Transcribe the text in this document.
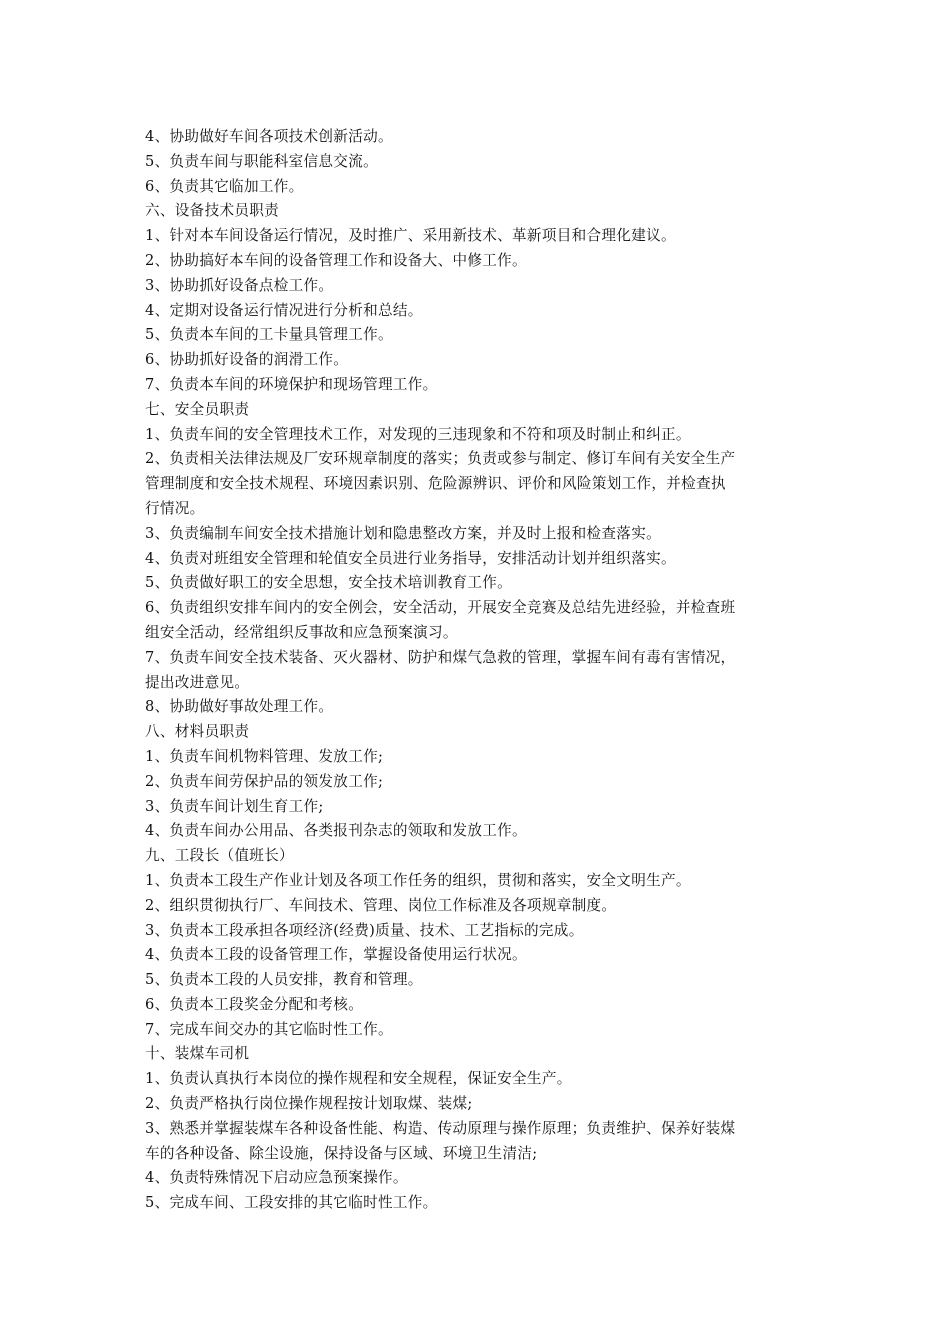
4、协助做好车间各项技术创新活动。
5、负责车间与职能科室信息交流。
6、负责其它临加工作。
六、设备技术员职责
1、针对本车间设备运行情况，及时推广、采用新技术、革新项目和合理化建议。
2、协助搞好本车间的设备管理工作和设备大、中修工作。
3、协助抓好设备点检工作。
4、定期对设备运行情况进行分析和总结。
5、负责本车间的工卡量具管理工作。
6、协助抓好设备的润滑工作。
7、负责本车间的环境保护和现场管理工作。
七、安全员职责
1、负责车间的安全管理技术工作，对发现的三违现象和不符和项及时制止和纠正。
2、负责相关法律法规及厂安环规章制度的落实；负责或参与制定、修订车间有关安全生产
管理制度和安全技术规程、环境因素识别、危险源辨识、评价和风险策划工作，并检查执
行情况。
3、负责编制车间安全技术措施计划和隐患整改方案，并及时上报和检查落实。
4、负责对班组安全管理和轮值安全员进行业务指导，安排活动计划并组织落实。
5、负责做好职工的安全思想，安全技术培训教育工作。
6、负责组织安排车间内的安全例会，安全活动，开展安全竞赛及总结先进经验，并检查班
组安全活动，经常组织反事故和应急预案演习。
7、负责车间安全技术装备、灭火器材、防护和煤气急救的管理，掌握车间有毒有害情况，
提出改进意见。
8、协助做好事故处理工作。
八、材料员职责
1、负责车间机物料管理、发放工作;
2、负责车间劳保护品的领发放工作;
3、负责车间计划生育工作;
4、负责车间办公用品、各类报刊杂志的领取和发放工作。
九、工段长（值班长）
1、负责本工段生产作业计划及各项工作任务的组织，贯彻和落实，安全文明生产。
2、组织贯彻执行厂、车间技术、管理、岗位工作标准及各项规章制度。
3、负责本工段承担各项经济(经费)质量、技术、工艺指标的完成。
4、负责本工段的设备管理工作，掌握设备使用运行状况。
5、负责本工段的人员安排，教育和管理。
6、负责本工段奖金分配和考核。
7、完成车间交办的其它临时性工作。
十、装煤车司机
1、负责认真执行本岗位的操作规程和安全规程，保证安全生产。
2、负责严格执行岗位操作规程按计划取煤、装煤;
3、熟悉并掌握装煤车各种设备性能、构造、传动原理与操作原理；负责维护、保养好装煤
车的各种设备、除尘设施，保持设备与区域、环境卫生清洁;
4、负责特殊情况下启动应急预案操作。
5、完成车间、工段安排的其它临时性工作。
